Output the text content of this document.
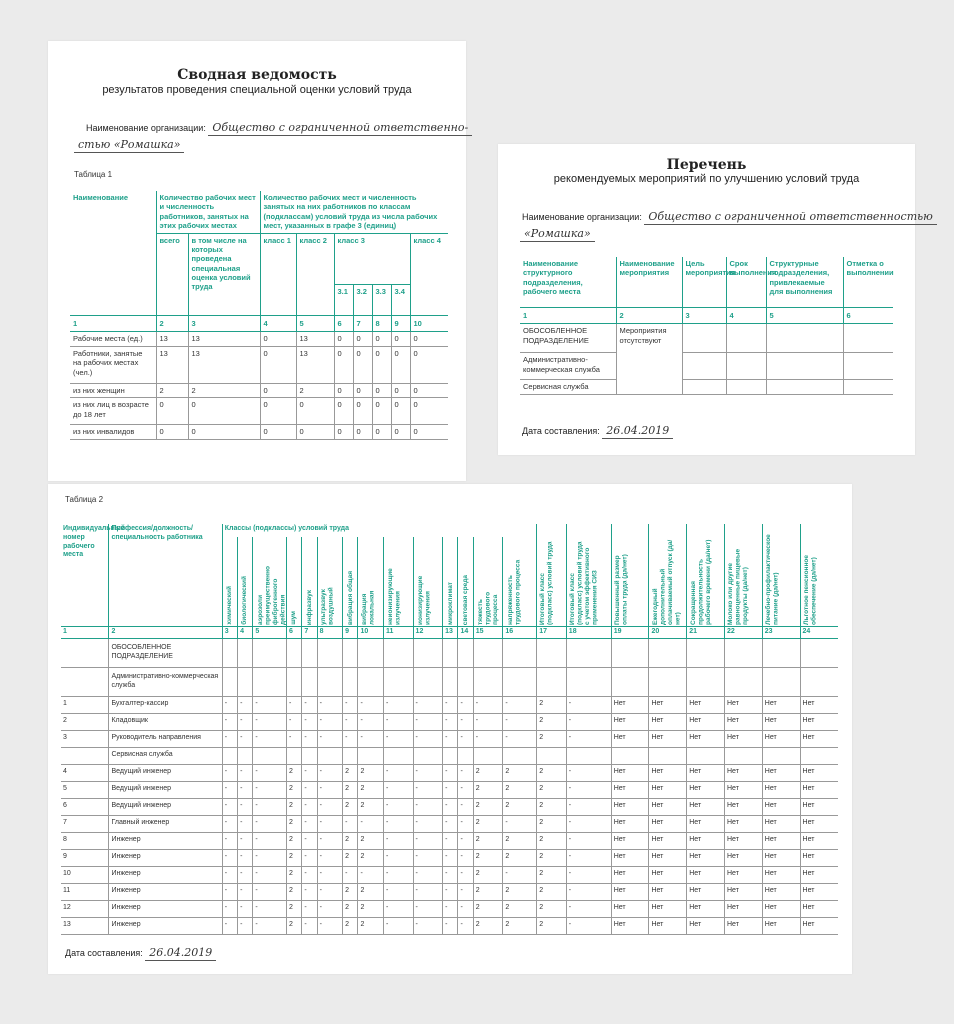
Сводная ведомость
результатов проведения специальной оценки условий труда
Наименование организации: Общество с ограниченной ответственно-
стью «Ромашка»
Таблица 1
Наименование	Количество рабочих мест и численность работников, занятых на этих рабочих местах		Количество рабочих мест и численность занятых на них работников по классам (подклассам) условий труда из числа рабочих мест, указанных в графе 3 (единиц)						
	всего	в том числе на которых проведена специальная оценка условий труда	класс 1	класс 2	класс 3				класс 4
					3.1	3.2	3.3	3.4	
1	2	3	4	5	6	7	8	9	10
Рабочие места (ед.)	13	13	0	13	0	0	0	0	0
Работники, занятые на рабочих местах (чел.)	13	13	0	13	0	0	0	0	0
из них женщин	2	2	0	2	0	0	0	0	0
из них лиц в возрасте до 18 лет	0	0	0	0	0	0	0	0	0
из них инвалидов	0	0	0	0	0	0	0	0	0
Перечень
рекомендуемых мероприятий по улучшению условий труда
Наименование организации: Общество с ограниченной ответственностью
«Ромашка»
Наименование структурного подразделения, рабочего места	Наименование мероприятия	Цель мероприятия	Срок выполнения	Структурные подразделения, привлекаемые для выполнения	Отметка о выполнении
1	2	3	4	5	6
ОБОСОБЛЕННОЕ ПОДРАЗДЕЛЕНИЕ	Мероприятия отсутствуют				
Административно-коммерческая служба					
Сервисная служба					
Дата составления: 26.04.2019
Таблица 2
Индивидуальный номер рабочего места	Профессия/должность/специальность работника	Классы (подклассы) условий труда														Итоговый класс (подкласс) условий труда	Итоговый класс (подкласс) условий труда с учетом эффективного применения СИЗ	Повышенный размер оплаты труда (да/нет)	Ежегодный дополнительный оплачиваемый отпуск (да/нет)	Сокращенная продолжительность рабочего времени (да/нет)	Молоко или другие равноценные пищевые продукты (да/нет)	Лечебно-профилактическое питание (да/нет)	Льготное пенсионное обеспечение (да/нет)

		химический	биологический	аэрозоли преимущественно фиброгенного действия	шум	инфразвук	ультразвук воздушный	вибрация общая	вибрация локальная	неионизирующие излучения	ионизирующие излучения	микроклимат	световая среда	тяжесть трудового процесса	напряженность трудового процесса								

1	2	3	4	5	6	7	8	9	10	11	12	13	14	15	16	17	18	19	20	21	22	23	24
	ОБОСОБЛЕННОЕ ПОДРАЗДЕЛЕНИЕ																						
	Административно-коммерческая служба																						
1	Бухгалтер-кассир	-	-	-	-	-	-	-	-	-	-	-	-	-	-	2	-	Нет	Нет	Нет	Нет	Нет	Нет
2	Кладовщик	-	-	-	-	-	-	-	-	-	-	-	-	-	-	2	-	Нет	Нет	Нет	Нет	Нет	Нет
3	Руководитель направления	-	-	-	-	-	-	-	-	-	-	-	-	-	-	2	-	Нет	Нет	Нет	Нет	Нет	Нет
	Сервисная служба																						
4	Ведущий инженер	-	-	-	2	-	-	2	2	-	-	-	-	2	2	2	-	Нет	Нет	Нет	Нет	Нет	Нет
5	Ведущий инженер	-	-	-	2	-	-	2	2	-	-	-	-	2	2	2	-	Нет	Нет	Нет	Нет	Нет	Нет
6	Ведущий инженер	-	-	-	2	-	-	2	2	-	-	-	-	2	2	2	-	Нет	Нет	Нет	Нет	Нет	Нет
7	Главный инженер	-	-	-	2	-	-	-	-	-	-	-	-	2	-	2	-	Нет	Нет	Нет	Нет	Нет	Нет
8	Инженер	-	-	-	2	-	-	2	2	-	-	-	-	2	2	2	-	Нет	Нет	Нет	Нет	Нет	Нет
9	Инженер	-	-	-	2	-	-	2	2	-	-	-	-	2	2	2	-	Нет	Нет	Нет	Нет	Нет	Нет
10	Инженер	-	-	-	2	-	-	-	-	-	-	-	-	2	-	2	-	Нет	Нет	Нет	Нет	Нет	Нет
11	Инженер	-	-	-	2	-	-	2	2	-	-	-	-	2	2	2	-	Нет	Нет	Нет	Нет	Нет	Нет
12	Инженер	-	-	-	2	-	-	2	2	-	-	-	-	2	2	2	-	Нет	Нет	Нет	Нет	Нет	Нет
13	Инженер	-	-	-	2	-	-	2	2	-	-	-	-	2	2	2	-	Нет	Нет	Нет	Нет	Нет	Нет
Дата составления: 26.04.2019
